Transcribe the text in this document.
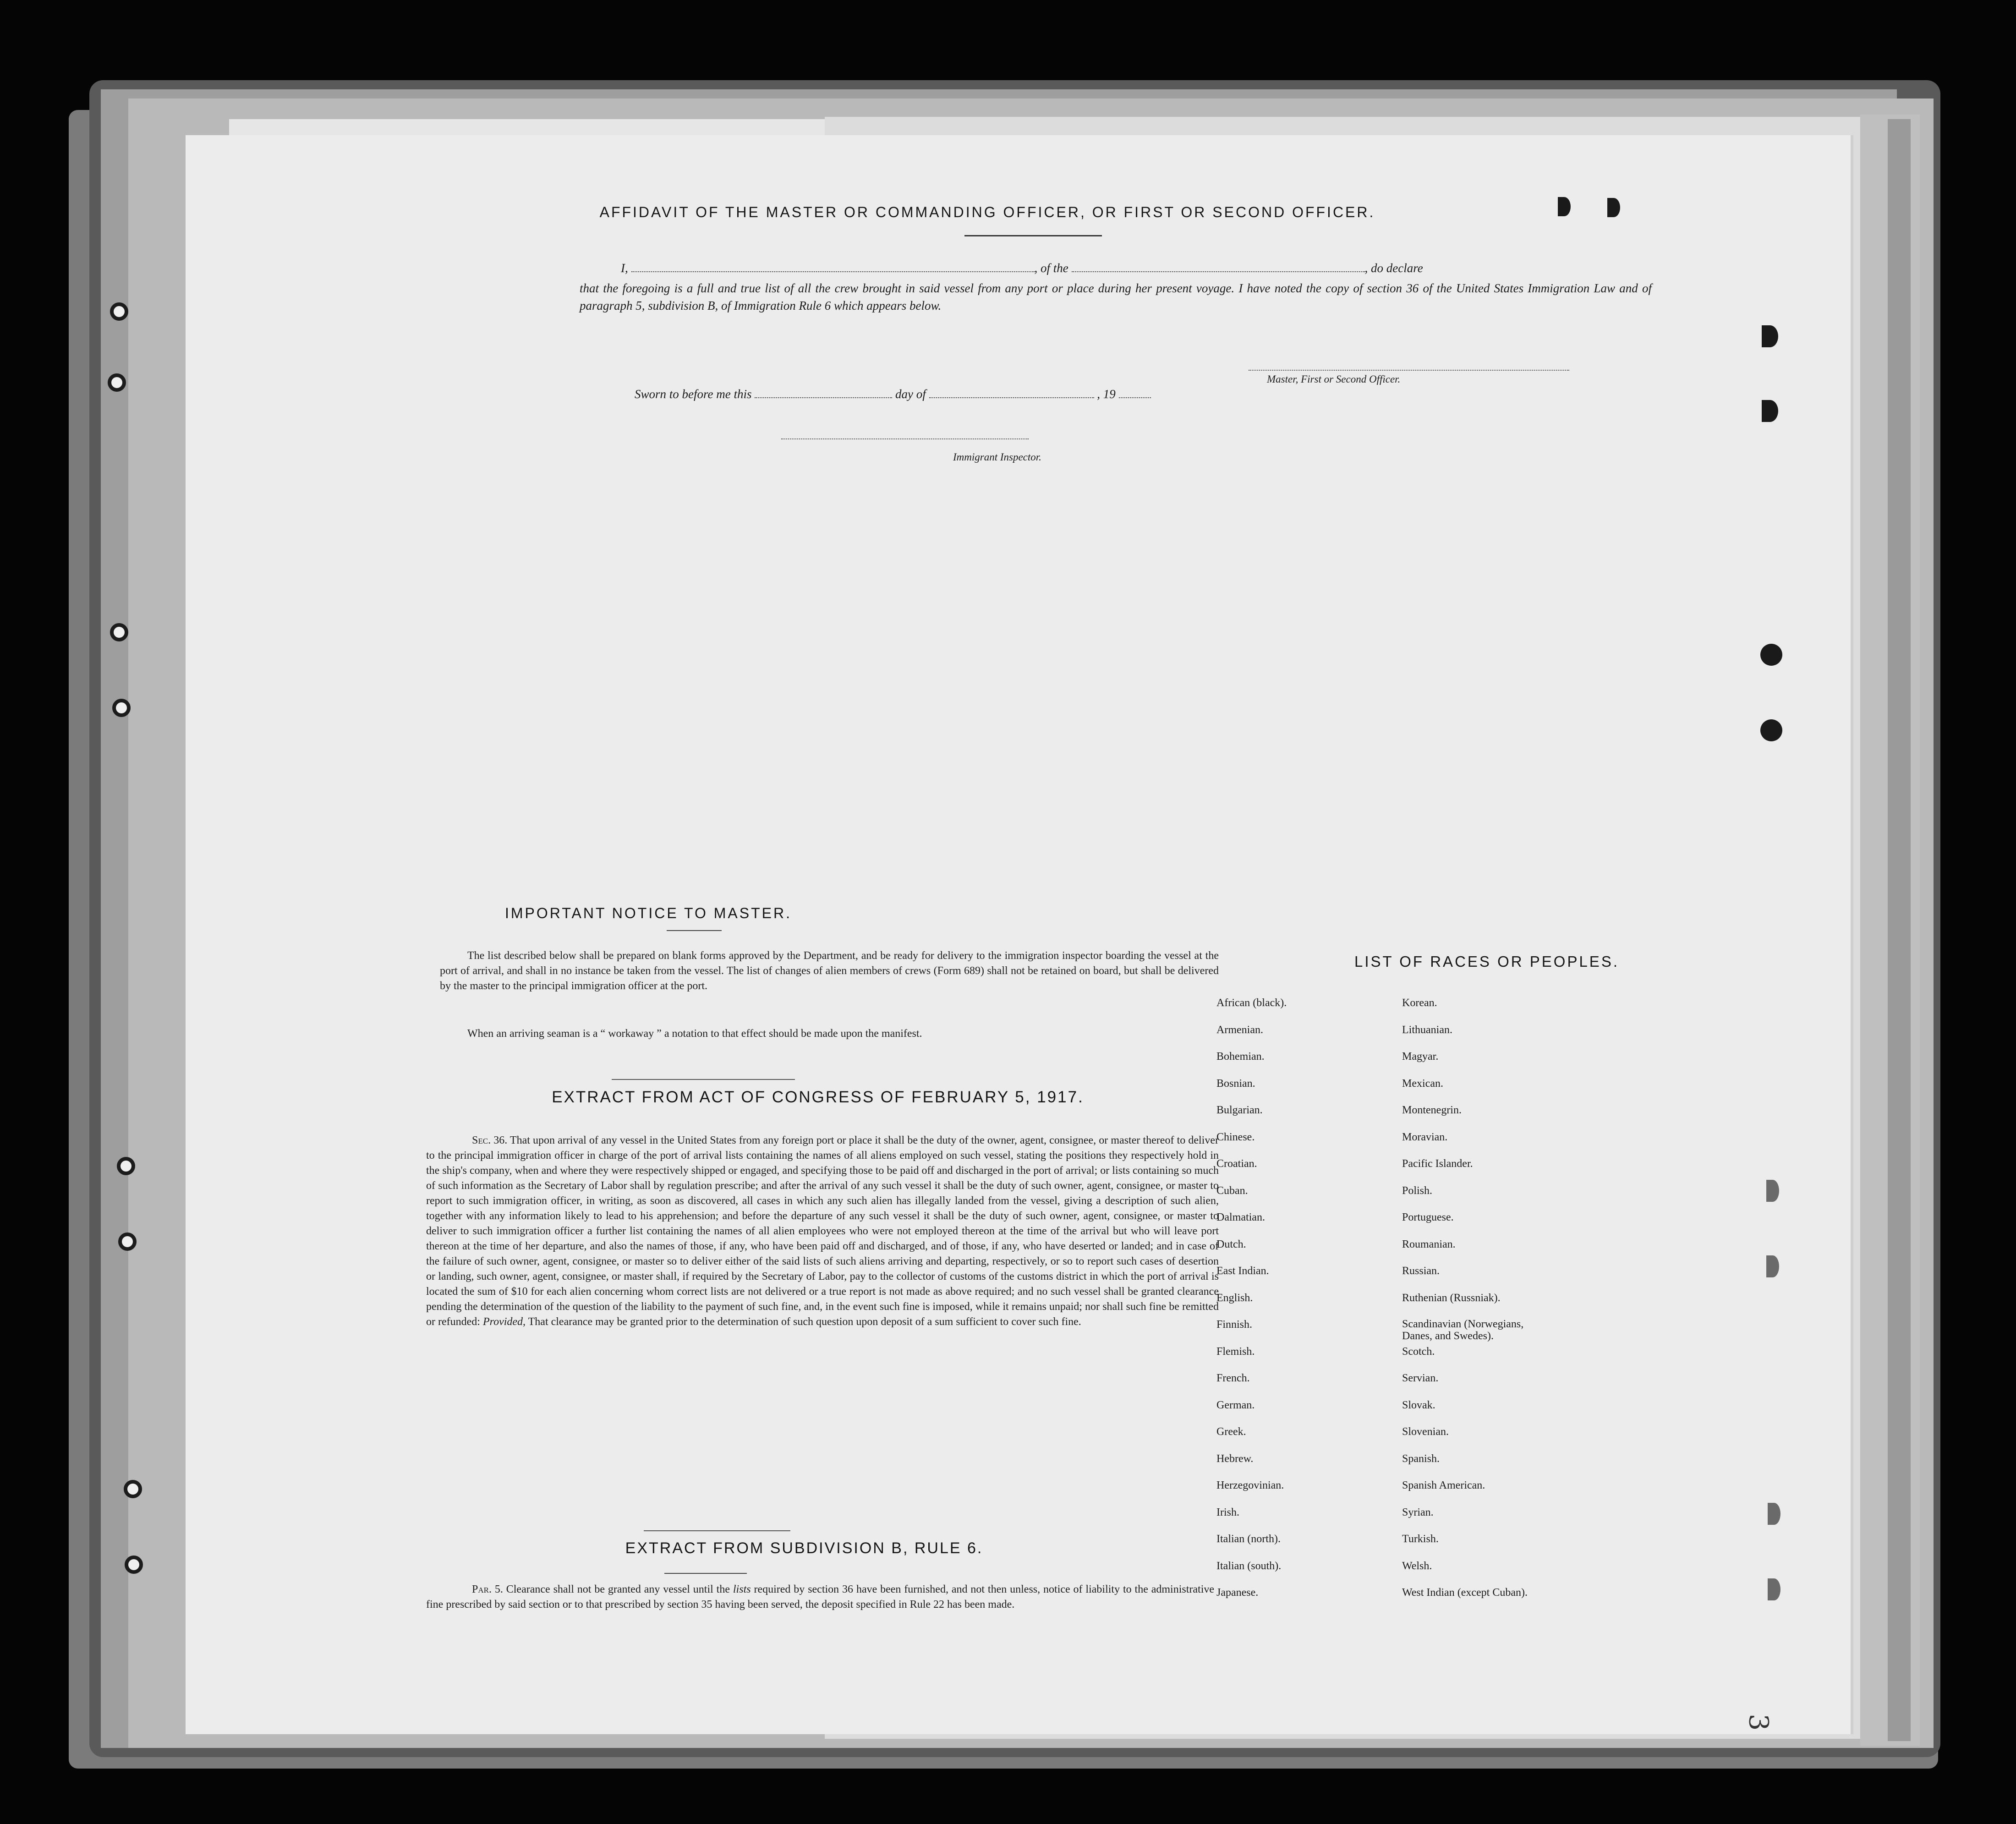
AFFIDAVIT OF THE MASTER OR COMMANDING OFFICER, OR FIRST OR SECOND OFFICER.
I,	, of the	, do declare
that the foregoing is a full and true list of all the crew brought in said vessel from any port or place during her present voyage. I have noted the copy of section 36 of the United States Immigration Law and of paragraph 5, subdivision B, of Immigration Rule 6 which appears below.
Master, First or Second Officer.
Sworn to before me this	day of	, 19
Immigrant Inspector.
IMPORTANT NOTICE TO MASTER.
The list described below shall be prepared on blank forms approved by the Department, and be ready for delivery to the immigration inspector boarding the vessel at the port of arrival, and shall in no instance be taken from the vessel. The list of changes of alien members of crews (Form 689) shall not be retained on board, but shall be delivered by the master to the principal immigration officer at the port.
When an arriving seaman is a “ workaway ” a notation to that effect should be made upon the manifest.
EXTRACT FROM ACT OF CONGRESS OF FEBRUARY 5, 1917.
Sec. 36. That upon arrival of any vessel in the United States from any foreign port or place it shall be the duty of the owner, agent, consignee, or master thereof to deliver to the principal immigration officer in charge of the port of arrival lists containing the names of all aliens employed on such vessel, stating the positions they respectively hold in the ship's company, when and where they were respectively shipped or engaged, and specifying those to be paid off and discharged in the port of arrival; or lists containing so much of such information as the Secretary of Labor shall by regulation prescribe; and after the arrival of any such vessel it shall be the duty of such owner, agent, consignee, or master to report to such immigration officer, in writing, as soon as discovered, all cases in which any such alien has illegally landed from the vessel, giving a description of such alien, together with any information likely to lead to his apprehension; and before the departure of any such vessel it shall be the duty of such owner, agent, consignee, or master to deliver to such immigration officer a further list containing the names of all alien employees who were not employed thereon at the time of the arrival but who will leave port thereon at the time of her departure, and also the names of those, if any, who have been paid off and discharged, and of those, if any, who have deserted or landed; and in case of the failure of such owner, agent, consignee, or master so to deliver either of the said lists of such aliens arriving and departing, respectively, or so to report such cases of desertion or landing, such owner, agent, consignee, or master shall, if required by the Secretary of Labor, pay to the collector of customs of the customs district in which the port of arrival is located the sum of $10 for each alien concerning whom correct lists are not delivered or a true report is not made as above required; and no such vessel shall be granted clearance pending the determination of the question of the liability to the payment of such fine, and, in the event such fine is imposed, while it remains unpaid; nor shall such fine be remitted or refunded: Provided, That clearance may be granted prior to the determination of such question upon deposit of a sum sufficient to cover such fine.
EXTRACT FROM SUBDIVISION B, RULE 6.
Par. 5. Clearance shall not be granted any vessel until the lists required by section 36 have been furnished, and not then unless, notice of liability to the administrative fine prescribed by said section or to that prescribed by section 35 having been served, the deposit specified in Rule 22 has been made.
LIST OF RACES OR PEOPLES.
African (black).
Armenian.
Bohemian.
Bosnian.
Bulgarian.
Chinese.
Croatian.
Cuban.
Dalmatian.
Dutch.
East Indian.
English.
Finnish.
Flemish.
French.
German.
Greek.
Hebrew.
Herzegovinian.
Irish.
Italian (north).
Italian (south).
Japanese.
Korean.
Lithuanian.
Magyar.
Mexican.
Montenegrin.
Moravian.
Pacific Islander.
Polish.
Portuguese.
Roumanian.
Russian.
Ruthenian (Russniak).
Scandinavian (Norwegians, Danes, and Swedes).
Scotch.
Servian.
Slovak.
Slovenian.
Spanish.
Spanish American.
Syrian.
Turkish.
Welsh.
West Indian (except Cuban).
3
